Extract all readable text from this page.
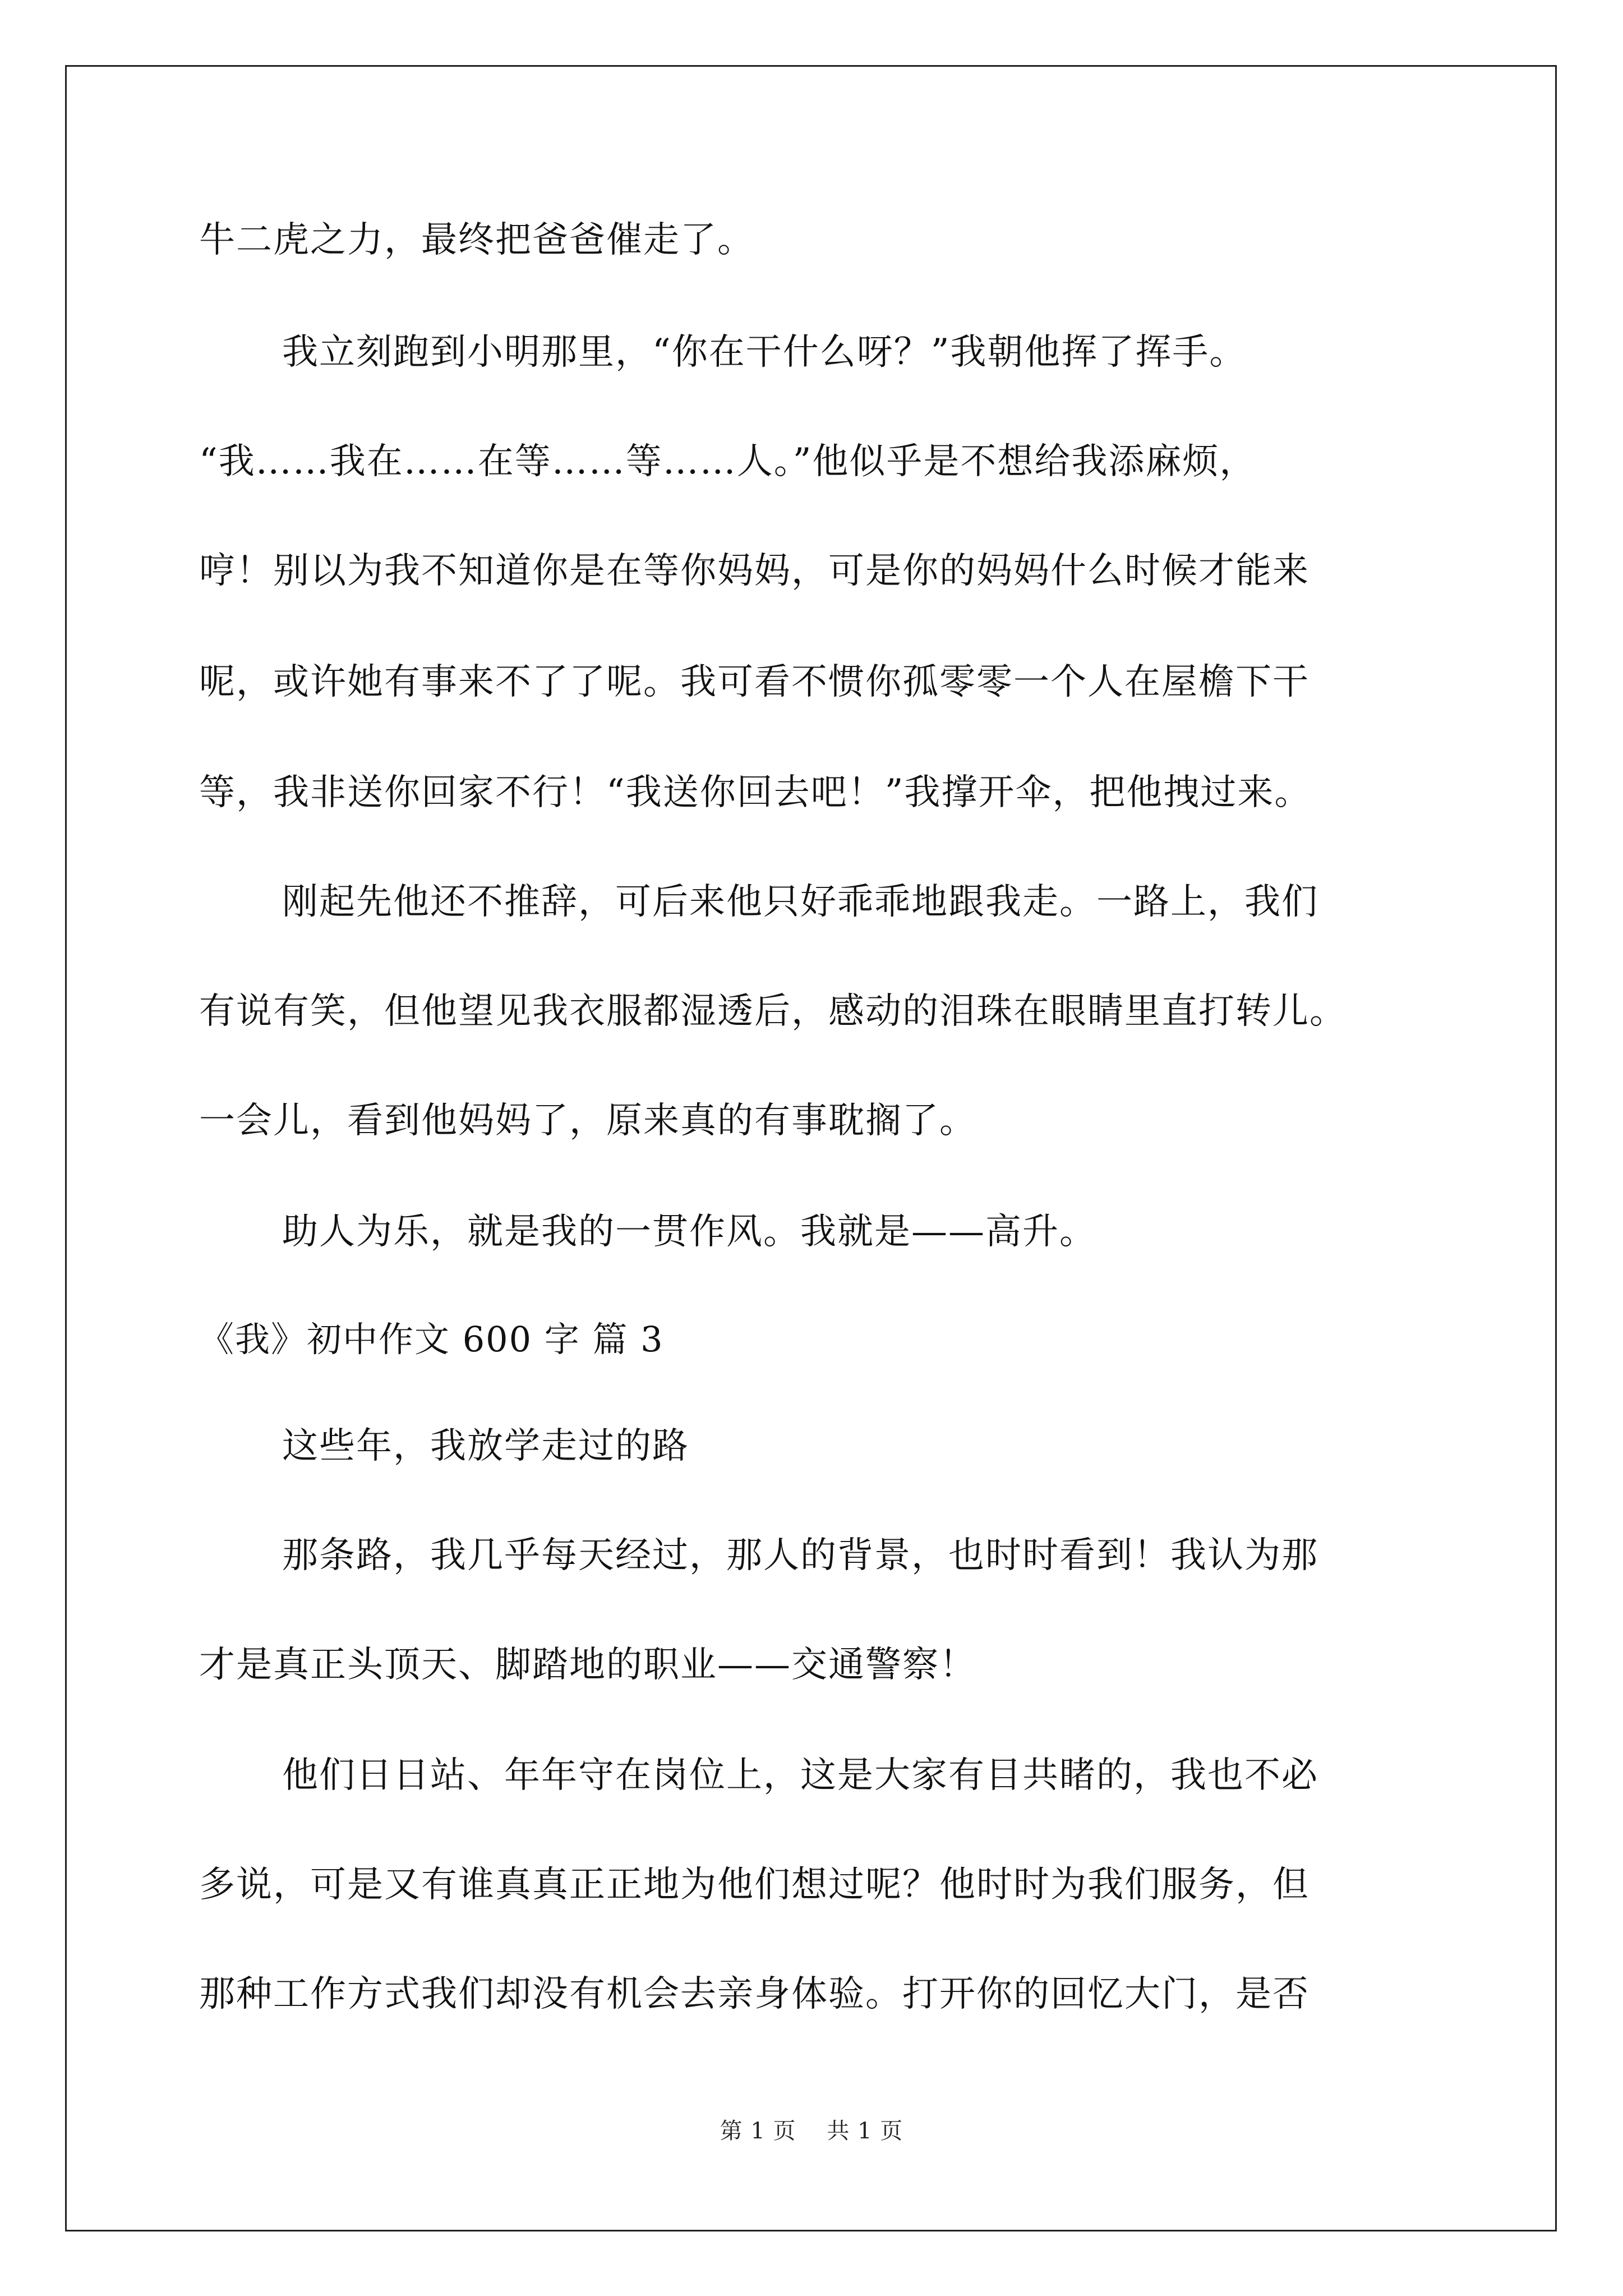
牛二虎之力，最终把爸爸催走了。
我立刻跑到小明那里，“你在干什么呀？”我朝他挥了挥手。
“我……我在……在等……等……人。”他似乎是不想给我添麻烦，
哼！别以为我不知道你是在等你妈妈，可是你的妈妈什么时候才能来
呢，或许她有事来不了了呢。我可看不惯你孤零零一个人在屋檐下干
等，我非送你回家不行！“我送你回去吧！”我撑开伞，把他拽过来。
刚起先他还不推辞，可后来他只好乖乖地跟我走。一路上，我们
有说有笑，但他望见我衣服都湿透后，感动的泪珠在眼睛里直打转儿。
一会儿，看到他妈妈了，原来真的有事耽搁了。
助人为乐，就是我的一贯作风。我就是——高升。
《我》初中作文 600 字 篇 3
这些年，我放学走过的路
那条路，我几乎每天经过，那人的背景，也时时看到！我认为那
才是真正头顶天、脚踏地的职业——交通警察！
他们日日站、年年守在岗位上，这是大家有目共睹的，我也不必
多说，可是又有谁真真正正地为他们想过呢？他时时为我们服务，但
那种工作方式我们却没有机会去亲身体验。打开你的回忆大门，是否
第 1 页 共 1 页
